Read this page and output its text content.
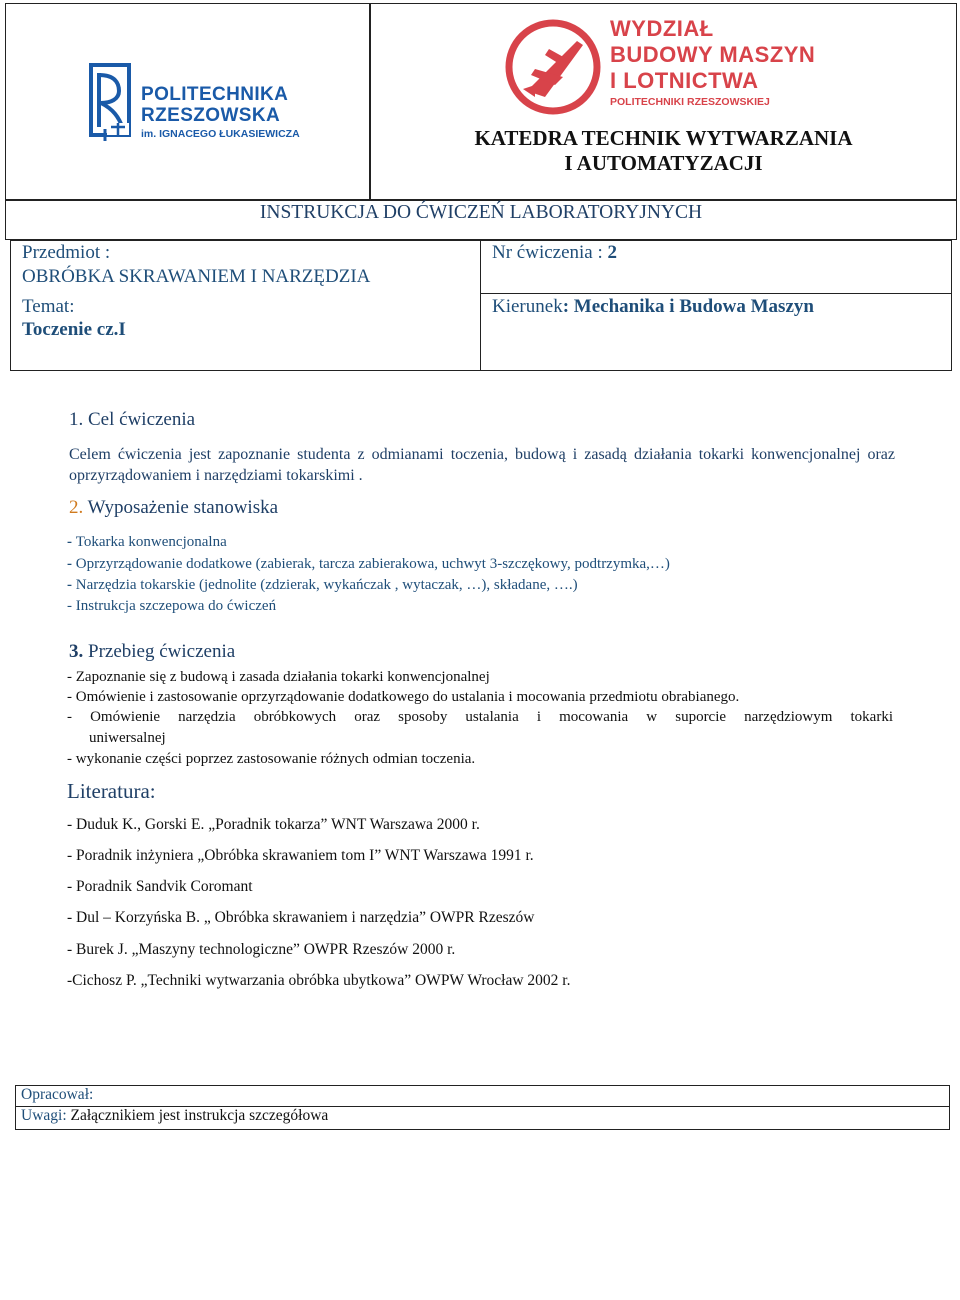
POLITECHNIKA
RZESZOWSKA
im. IGNACEGO ŁUKASIEWICZA
WYDZIAŁ
BUDOWY MASZYN
I LOTNICTWA
POLITECHNIKI RZESZOWSKIEJ
KATEDRA TECHNIK WYTWARZANIA
I AUTOMATYZACJI
INSTRUKCJA DO ĆWICZEŃ LABORATORYJNYCH
Przedmiot :
OBRÓBKA SKRAWANIEM I NARZĘDZIA
Temat:
Toczenie cz.I
Nr ćwiczenia : 2
Kierunek: Mechanika i Budowa Maszyn
1. Cel ćwiczenia
Celem ćwiczenia jest zapoznanie studenta z odmianami toczenia, budową i zasadą działania tokarki konwencjonalnej oraz oprzyrządowaniem i narzędziami tokarskimi .
2. Wyposażenie stanowiska
- Tokarka konwencjonalna
- Oprzyrządowanie dodatkowe (zabierak, tarcza zabierakowa, uchwyt 3-szczękowy, podtrzymka,…)
- Narzędzia tokarskie (jednolite (zdzierak, wykańczak , wytaczak, …), składane, ….)
- Instrukcja szczepowa do ćwiczeń
3. Przebieg ćwiczenia
- Zapoznanie się z budową i zasada działania tokarki konwencjonalnej
- Omówienie i zastosowanie oprzyrządowanie dodatkowego do ustalania i mocowania przedmiotu obrabianego.
- Omówienie narzędzia obróbkowych oraz sposoby ustalania i mocowania w suporcie narzędziowym tokarki
uniwersalnej
- wykonanie części poprzez zastosowanie różnych odmian toczenia.
Literatura:
- Duduk K., Gorski E. „Poradnik tokarza” WNT Warszawa 2000 r.
- Poradnik inżyniera „Obróbka skrawaniem tom I” WNT Warszawa 1991 r.
- Poradnik Sandvik Coromant
- Dul – Korzyńska B. „ Obróbka skrawaniem i narzędzia” OWPR Rzeszów
- Burek J. „Maszyny technologiczne” OWPR Rzeszów 2000 r.
-Cichosz P. „Techniki wytwarzania obróbka ubytkowa” OWPW Wrocław 2002 r.
Opracował:
Uwagi: Załącznikiem jest instrukcja szczegółowa
